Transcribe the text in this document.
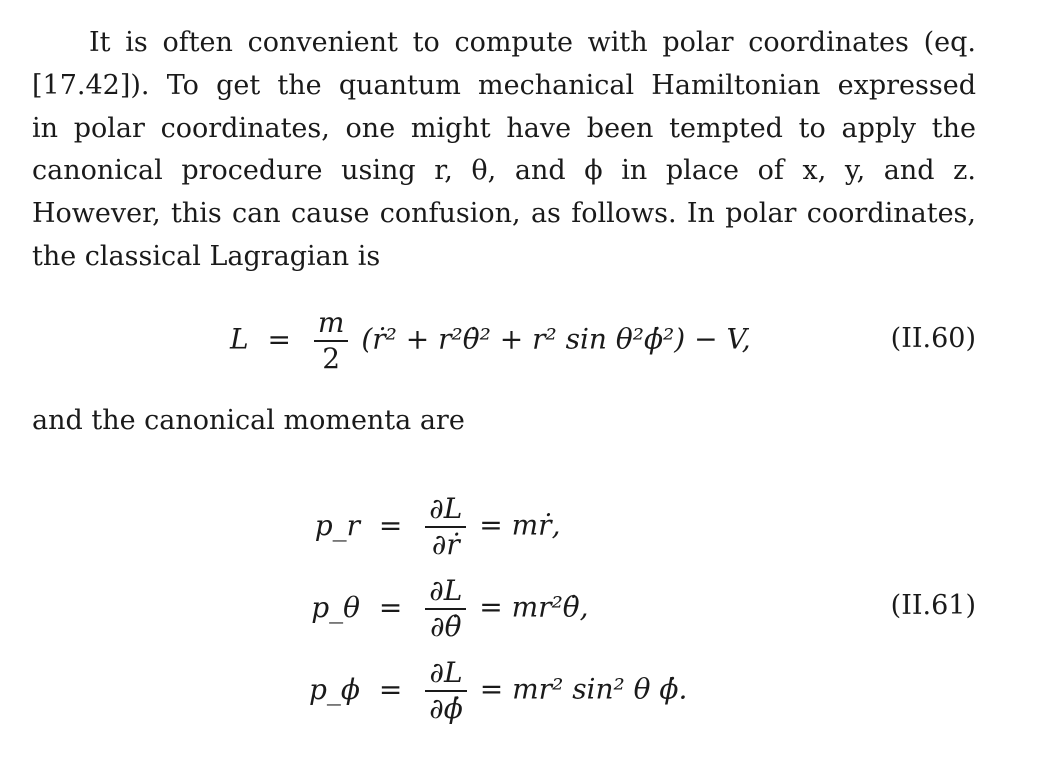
It is often convenient to compute with polar coordinates (eq.
[17.42]). To get the quantum mechanical Hamiltonian expressed
in polar coordinates, one might have been tempted to apply the
canonical procedure using r, θ, and ϕ in place of x, y, and z.
However, this can cause confusion, as follows. In polar coordinates,
the classical Lagragian is
$L = \frac{m}{2}$ (ṙ² + r²θ̇² + r² sin θ²ϕ̇²) − V,	(II.60)
and the canonical momenta are
p_r = $\frac{\partial L}{\text{∂ṙ}}$ = mṙ,
p_θ = $\frac{\partial L}{\partial\thetȧ}$ = mr²θ̇,
p_ϕ = $\frac{\partial L}{\partial\phi̇} = mr^2$ sin² θ ϕ̇.
(II.61)
